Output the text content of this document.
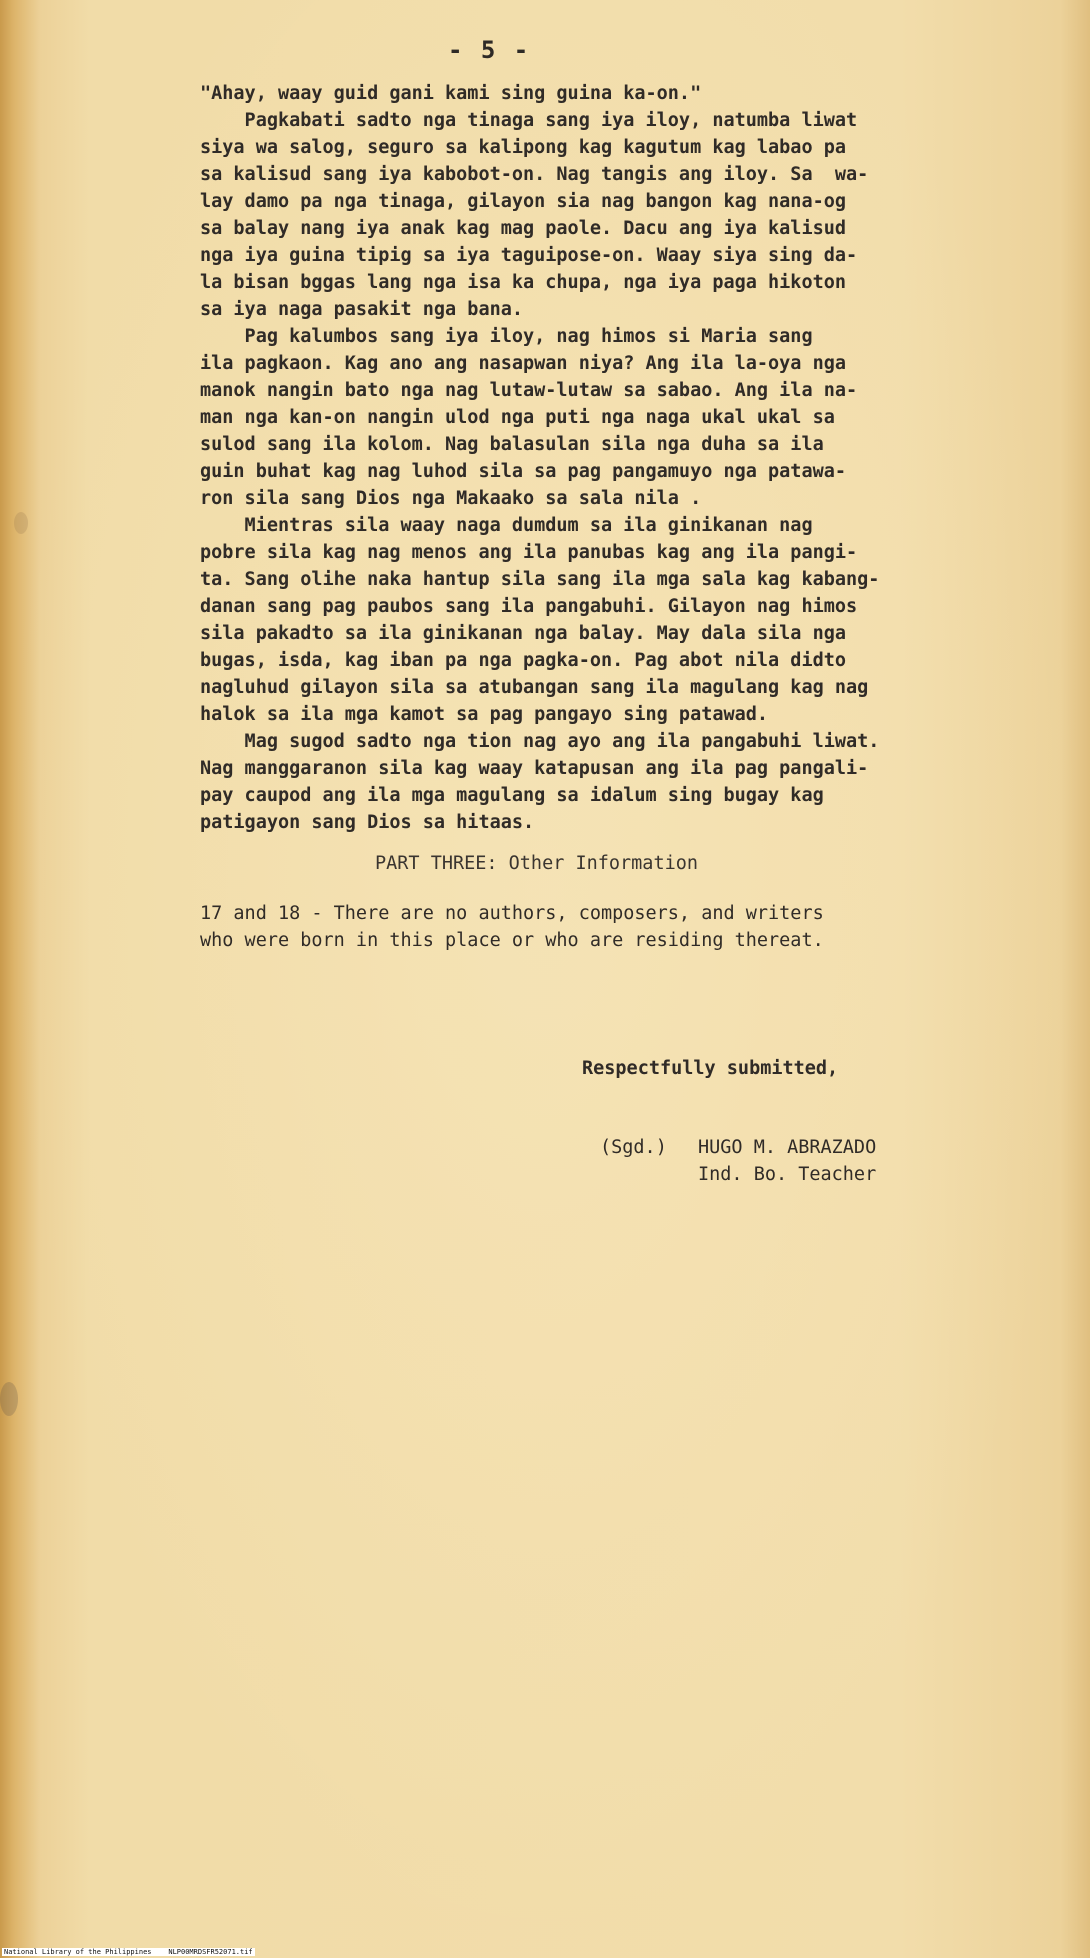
- 5 -
"Ahay, waay guid gani kami sing guina ka-on."
Pagkabati sadto nga tinaga sang iya iloy, natumba liwat
siya wa salog, seguro sa kalipong kag kagutum kag labao pa
sa kalisud sang iya kabobot-on. Nag tangis ang iloy. Sa  wa-
lay damo pa nga tinaga, gilayon sia nag bangon kag nana-og
sa balay nang iya anak kag mag paole. Dacu ang iya kalisud
nga iya guina tipig sa iya taguipose-on. Waay siya sing da-
la bisan bggas lang nga isa ka chupa, nga iya paga hikoton
sa iya naga pasakit nga bana.
Pag kalumbos sang iya iloy, nag himos si Maria sang
ila pagkaon. Kag ano ang nasapwan niya? Ang ila la-oya nga
manok nangin bato nga nag lutaw-lutaw sa sabao. Ang ila na-
man nga kan-on nangin ulod nga puti nga naga ukal ukal sa
sulod sang ila kolom. Nag balasulan sila nga duha sa ila
guin buhat kag nag luhod sila sa pag pangamuyo nga patawa-
ron sila sang Dios nga Makaako sa sala nila .
Mientras sila waay naga dumdum sa ila ginikanan nag
pobre sila kag nag menos ang ila panubas kag ang ila pangi-
ta. Sang olihe naka hantup sila sang ila mga sala kag kabang-
danan sang pag paubos sang ila pangabuhi. Gilayon nag himos
sila pakadto sa ila ginikanan nga balay. May dala sila nga
bugas, isda, kag iban pa nga pagka-on. Pag abot nila didto
nagluhud gilayon sila sa atubangan sang ila magulang kag nag
halok sa ila mga kamot sa pag pangayo sing patawad.
Mag sugod sadto nga tion nag ayo ang ila pangabuhi liwat.
Nag manggaranon sila kag waay katapusan ang ila pag pangali-
pay caupod ang ila mga magulang sa idalum sing bugay kag
patigayon sang Dios sa hitaas.
PART THREE: Other Information
17 and 18 - There are no authors, composers, and writers
who were born in this place or who are residing thereat.
Respectfully submitted,
(Sgd.)	HUGO M. ABRAZADO
Ind. Bo. Teacher
National Library of the Philippines    NLP00MRDSFR52071.tif
